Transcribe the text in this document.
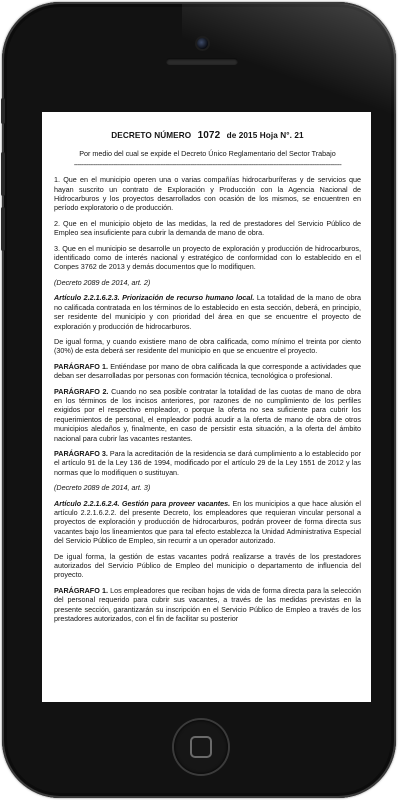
DECRETO NÚMERO 1072 de 2015 Hoja N°. 21
Por medio del cual se expide el Decreto Único Reglamentario del Sector Trabajo
-----------------------------------------------------------------------------------------------------------------------------------------------------

1. Que en el municipio operen una o varias compañías hidrocarburíferas y de servicios que hayan suscrito un contrato de Exploración y Producción con la Agencia Nacional de Hidrocarburos y los proyectos desarrollados con ocasión de los mismos, se encuentren en período exploratorio o de producción.

2. Que en el municipio objeto de las medidas, la red de prestadores del Servicio Público de Empleo sea insuficiente para cubrir la demanda de mano de obra.

3. Que en el municipio se desarrolle un proyecto de exploración y producción de hidrocarburos, identificado como de interés nacional y estratégico de conformidad con lo establecido en el Conpes 3762 de 2013 y demás documentos que lo modifiquen.

(Decreto 2089 de 2014, art. 2)

Artículo 2.2.1.6.2.3. Priorización de recurso humano local. La totalidad de la mano de obra no calificada contratada en los términos de lo establecido en esta sección, deberá, en principio, ser residente del municipio y con prioridad del área en que se encuentre el proyecto de exploración y producción de hidrocarburos.

De igual forma, y cuando existiere mano de obra calificada, como mínimo el treinta por ciento (30%) de esta deberá ser residente del municipio en que se encuentre el proyecto.

PARÁGRAFO 1. Entiéndase por mano de obra calificada la que corresponde a actividades que deban ser desarrolladas por personas con formación técnica, tecnológica o profesional.

PARÁGRAFO 2. Cuando no sea posible contratar la totalidad de las cuotas de mano de obra en los términos de los incisos anteriores, por razones de no cumplimiento de los perfiles exigidos por el respectivo empleador, o porque la oferta no sea suficiente para cubrir los requerimientos de personal, el empleador podrá acudir a la oferta de mano de obra de otros municipios aledaños y, finalmente, en caso de persistir esta situación, a la oferta del ámbito nacional para cubrir las vacantes restantes.

PARÁGRAFO 3. Para la acreditación de la residencia se dará cumplimiento a lo establecido por el artículo 91 de la Ley 136 de 1994, modificado por el artículo 29 de la Ley 1551 de 2012 y las normas que lo modifiquen o sustituyan.

(Decreto 2089 de 2014, art. 3)

Artículo 2.2.1.6.2.4. Gestión para proveer vacantes. En los municipios a que hace alusión el artículo 2.2.1.6.2.2. del presente Decreto, los empleadores que requieran vincular personal a proyectos de exploración y producción de hidrocarburos, podrán proveer de forma directa sus vacantes bajo los lineamientos que para tal efecto establezca la Unidad Administrativa Especial del Servicio Público de Empleo, sin recurrir a un operador autorizado.

De igual forma, la gestión de estas vacantes podrá realizarse a través de los prestadores autorizados del Servicio Público de Empleo del municipio o departamento de influencia del proyecto.

PARÁGRAFO 1. Los empleadores que reciban hojas de vida de forma directa para la selección del personal requerido para cubrir sus vacantes, a través de las medidas previstas en la presente sección, garantizarán su inscripción en el Servicio Público de Empleo a través de los prestadores autorizados, con el fin de facilitar su posterior
